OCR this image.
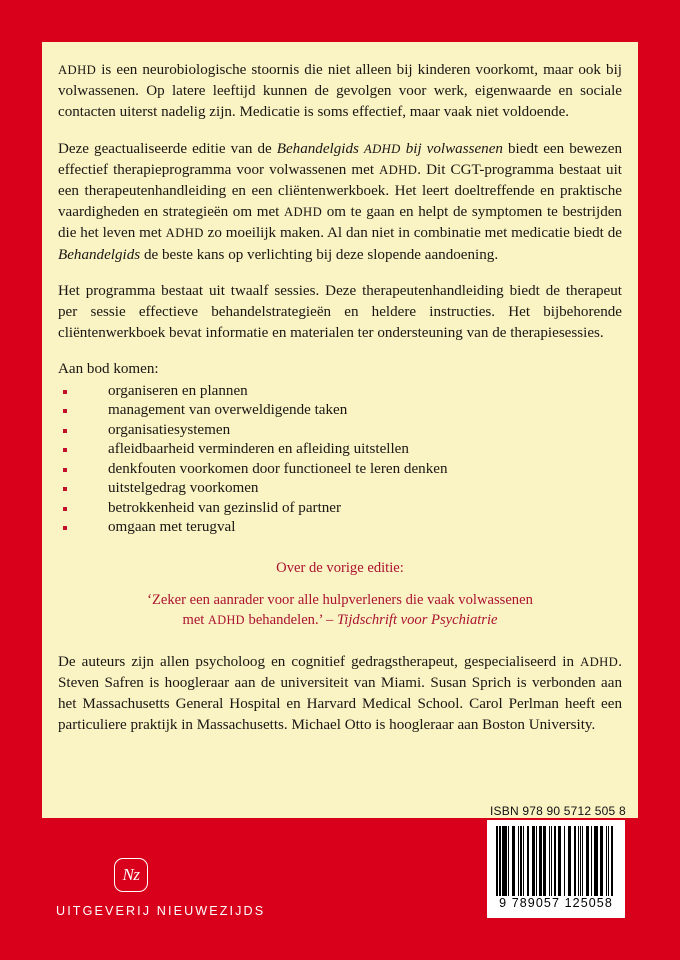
ADHD is een neurobiologische stoornis die niet alleen bij kinderen voorkomt, maar ook bij volwassenen. Op latere leeftijd kunnen de gevolgen voor werk, eigenwaarde en sociale contacten uiterst nadelig zijn. Medicatie is soms effectief, maar vaak niet voldoende.

Deze geactualiseerde editie van de Behandelgids ADHD bij volwassenen biedt een bewezen effectief therapieprogramma voor volwassenen met ADHD. Dit CGT-programma bestaat uit een therapeutenhandleiding en een cliëntenwerkboek. Het leert doeltreffende en praktische vaardigheden en strategieën om met ADHD om te gaan en helpt de symptomen te bestrijden die het leven met ADHD zo moeilijk maken. Al dan niet in combinatie met medicatie biedt de Behandelgids de beste kans op verlichting bij deze slopende aandoening.

Het programma bestaat uit twaalf sessies. Deze therapeutenhandleiding biedt de therapeut per sessie effectieve behandelstrategieën en heldere instructies. Het bijbehorende cliëntenwerkboek bevat informatie en materialen ter ondersteuning van de therapiesessies.

Aan bod komen:

organiseren en plannen
management van overweldigende taken
organisatiesystemen
afleidbaarheid verminderen en afleiding uitstellen
denkfouten voorkomen door functioneel te leren denken
uitstelgedrag voorkomen
betrokkenheid van gezinslid of partner
omgaan met terugval

Over de vorige editie:

‘Zeker een aanrader voor alle hulpverleners die vaak volwassenen
met ADHD behandelen.’ – Tijdschrift voor Psychiatrie

De auteurs zijn allen psycholoog en cognitief gedragstherapeut, gespecialiseerd in ADHD. Steven Safren is hoogleraar aan de universiteit van Miami. Susan Sprich is verbonden aan het Massachusetts General Hospital en Harvard Medical School. Carol Perlman heeft een particuliere praktijk in Massachusetts. Michael Otto is hoogleraar aan Boston University.

ISBN 978 90 5712 505 8
9 789057 125058
Nz
UITGEVERIJ NIEUWEZIJDS
